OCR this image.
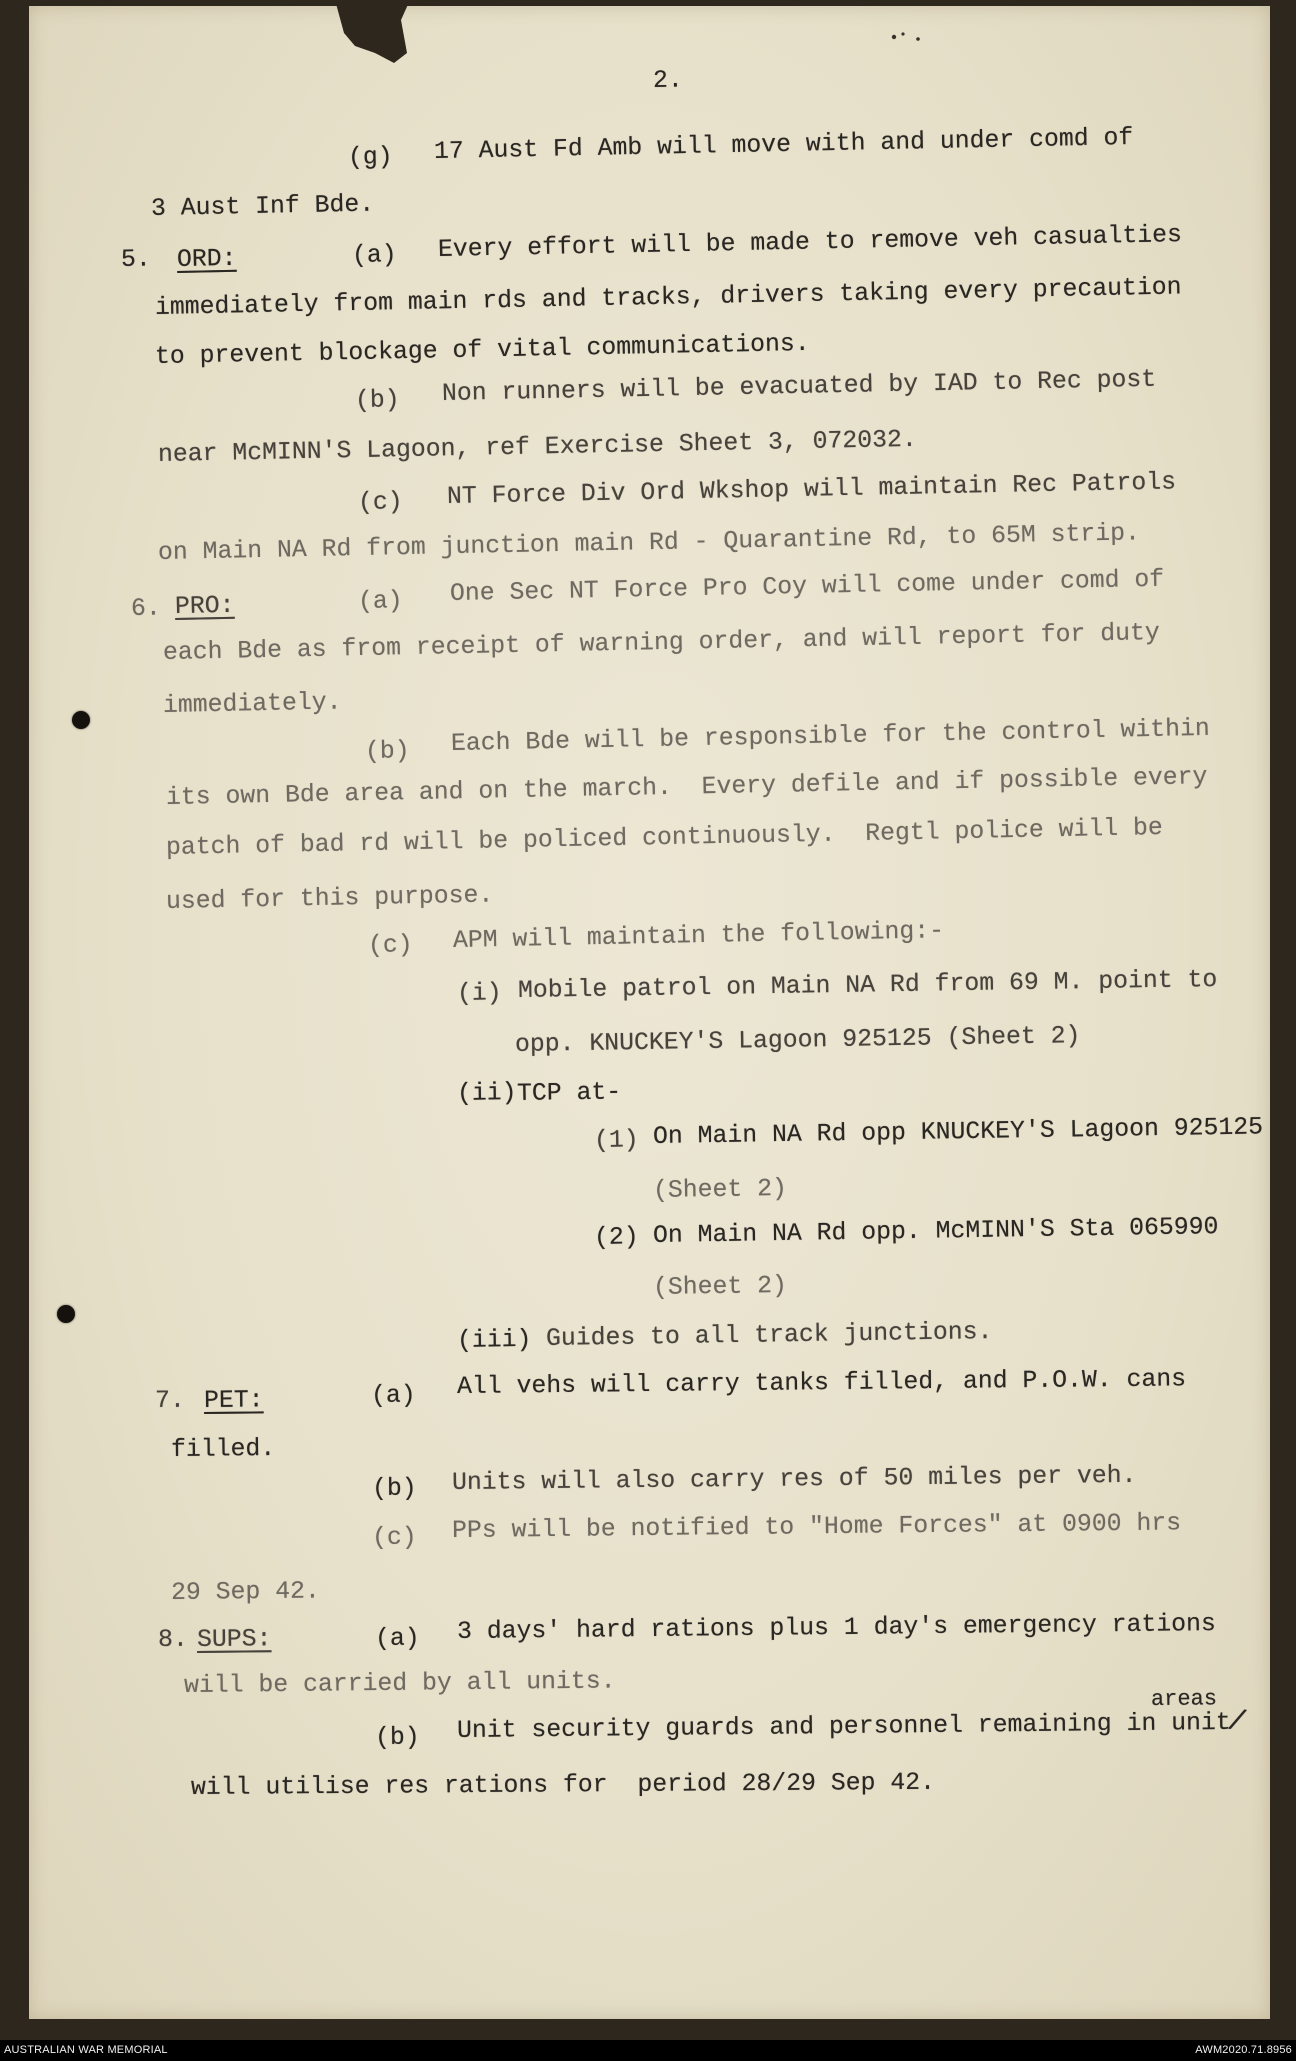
2.
(g) 17 Aust Fd Amb will move with and under comd of
3 Aust Inf Bde.
5. ORD:	(a) Every effort will be made to remove veh casualties
immediately from main rds and tracks, drivers taking every precaution
to prevent blockage of vital communications.
(b) Non runners will be evacuated by IAD to Rec post
near McMINN'S Lagoon, ref Exercise Sheet 3, 072032.
(c) NT Force Div Ord Wkshop will maintain Rec Patrols
on Main NA Rd from junction main Rd - Quarantine Rd, to 65M strip.
6. PRO:	(a) One Sec NT Force Pro Coy will come under comd of
each Bde as from receipt of warning order, and will report for duty
immediately.
(b) Each Bde will be responsible for the control within
its own Bde area and on the march.  Every defile and if possible every
patch of bad rd will be policed continuously.  Regtl police will be
used for this purpose.
(c) APM will maintain the following:-
(i) Mobile patrol on Main NA Rd from 69 M. point to
opp. KNUCKEY'S Lagoon 925125 (Sheet 2)
(ii) TCP at-
(1) On Main NA Rd opp KNUCKEY'S Lagoon 925125
(Sheet 2)
(2) On Main NA Rd opp. McMINN'S Sta 065990
(Sheet 2)
(iii) Guides to all track junctions.
7. PET:	(a) All vehs will carry tanks filled, and P.O.W. cans
filled.
(b) Units will also carry res of 50 miles per veh.
(c) PPs will be notified to "Home Forces" at 0900 hrs
29 Sep 42.
8. SUPS:	(a) 3 days' hard rations plus 1 day's emergency rations
will be carried by all units.	areas
(b) Unit security guards and personnel remaining in unit
/
will utilise res rations for  period 28/29 Sep 42.
AUSTRALIAN WAR MEMORIAL	AWM2020.71.8956
